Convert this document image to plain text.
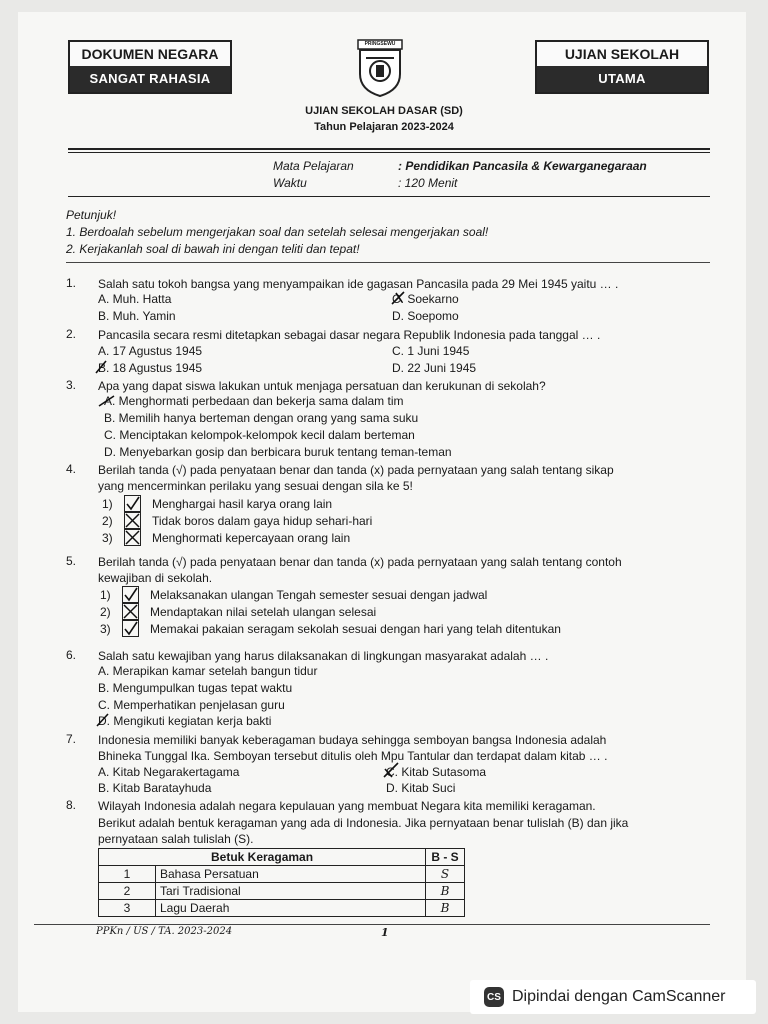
DOKUMEN NEGARA
SANGAT RAHASIA
UJIAN SEKOLAH
UTAMA
PRINGSEWU
UJIAN SEKOLAH DASAR (SD)
Tahun Pelajaran 2023-2024
Mata Pelajaran	: Pendidikan Pancasila & Kewarganegaraan
Waktu	: 120 Menit
Petunjuk!
1. Berdoalah sebelum mengerjakan soal dan setelah selesai mengerjakan soal!
2. Kerjakanlah soal di bawah ini dengan teliti dan tepat!
1. Salah satu tokoh bangsa yang menyampaikan ide gagasan Pancasila pada 29 Mei 1945 yaitu … .
A. Muh. Hatta
B. Muh. Yamin
C. Soekarno
D. Soepomo
2. Pancasila secara resmi ditetapkan sebagai dasar negara Republik Indonesia pada tanggal … .
A. 17 Agustus 1945
B. 18 Agustus 1945
C. 1 Juni 1945
D. 22 Juni 1945
3. Apa yang dapat siswa lakukan untuk menjaga persatuan dan kerukunan di sekolah?
A. Menghormati perbedaan dan bekerja sama dalam tim
B. Memilih hanya berteman dengan orang yang sama suku
C. Menciptakan kelompok-kelompok kecil dalam berteman
D. Menyebarkan gosip dan berbicara buruk tentang teman-teman
4. Berilah tanda (√) pada penyataan benar dan tanda (x) pada pernyataan yang salah tentang sikap
yang mencerminkan perilaku yang sesuai dengan sila ke 5!
1)	Menghargai hasil karya orang lain
2)	Tidak boros dalam gaya hidup sehari-hari
3)	Menghormati kepercayaan orang lain
5. Berilah tanda (√) pada penyataan benar dan tanda (x) pada pernyataan yang salah tentang contoh
kewajiban di sekolah.
1)	Melaksanakan ulangan Tengah semester sesuai dengan jadwal
2)	Mendaptakan nilai setelah ulangan selesai
3)	Memakai pakaian seragam sekolah sesuai dengan hari yang telah ditentukan
6. Salah satu kewajiban yang harus dilaksanakan di lingkungan masyarakat adalah … .
A. Merapikan kamar setelah bangun tidur
B. Mengumpulkan tugas tepat waktu
C. Memperhatikan penjelasan guru
D. Mengikuti kegiatan kerja bakti
7. Indonesia memiliki banyak keberagaman budaya sehingga semboyan bangsa Indonesia adalah
Bhineka Tunggal Ika. Semboyan tersebut ditulis oleh Mpu Tantular dan terdapat dalam kitab … .
A. Kitab Negarakertagama
B. Kitab Baratayhuda
C. Kitab Sutasoma
D. Kitab Suci
8. Wilayah Indonesia adalah negara kepulauan yang membuat Negara kita memiliki keragaman.
Berikut adalah bentuk keragaman yang ada di Indonesia. Jika pernyataan benar tulislah (B) dan jika
pernyataan salah tulislah (S).
Betuk Keragaman		B - S
1	Bahasa Persatuan	S
2	Tari Tradisional	B
3	Lagu Daerah	B
PPKn / US / TA. 2023-2024	1
CS Dipindai dengan CamScanner
